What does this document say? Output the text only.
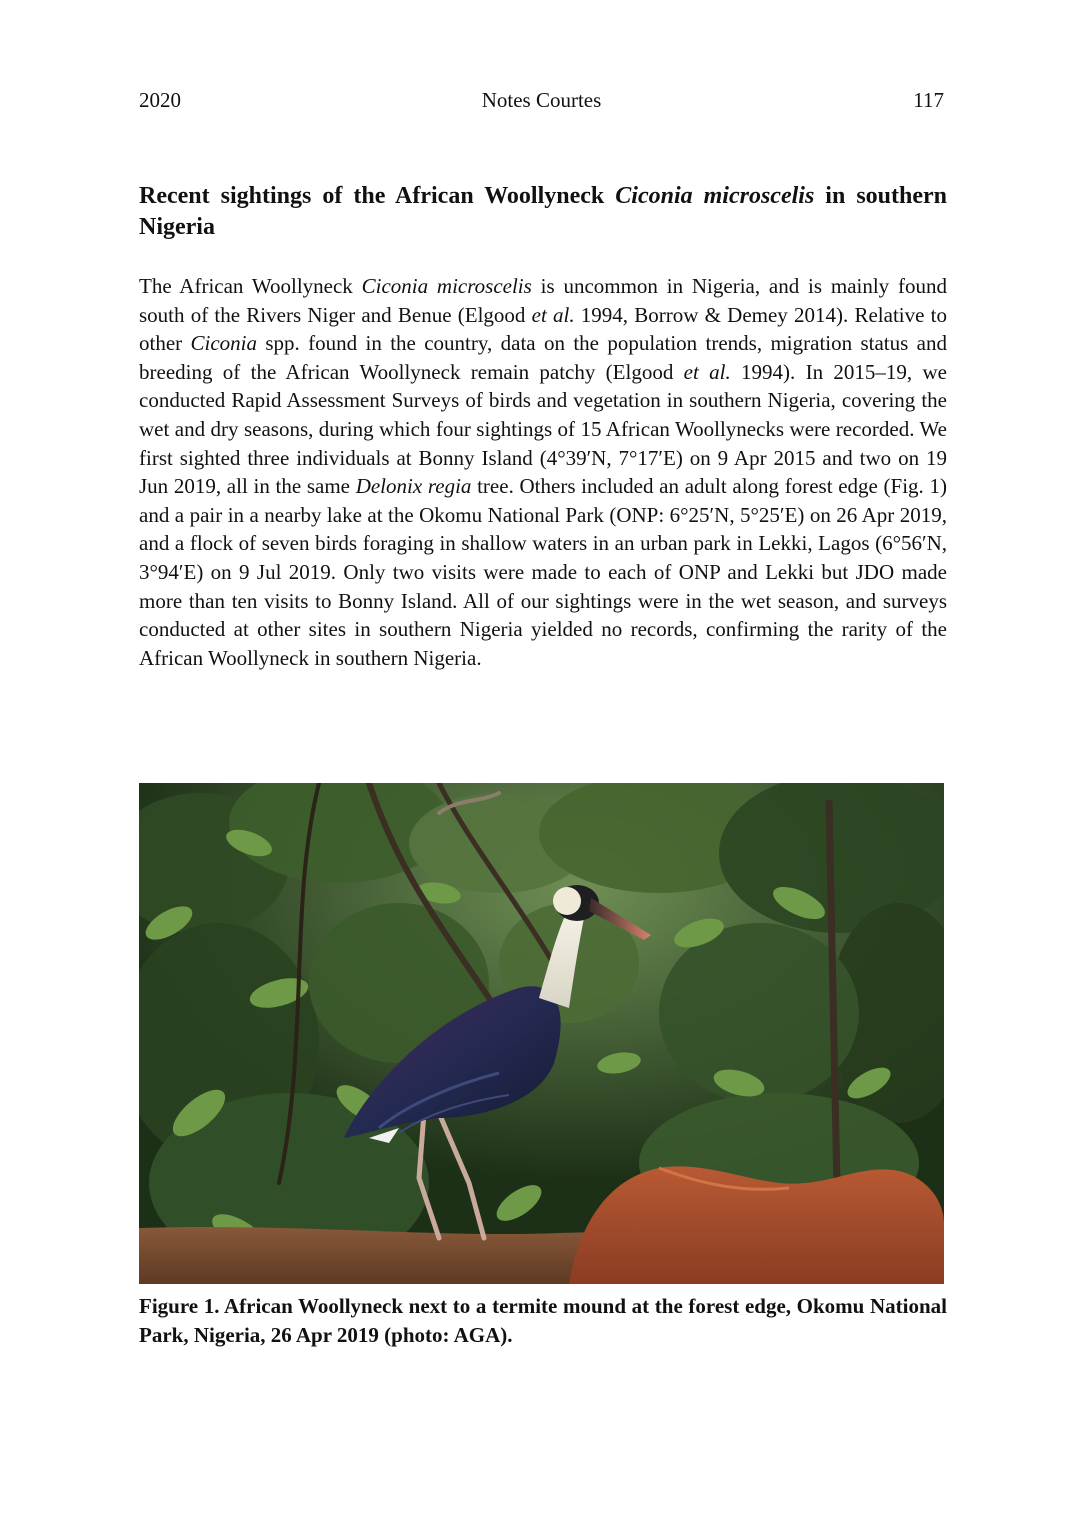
2020	Notes Courtes	117
Recent sightings of the African Woollyneck Ciconia microscelis in southern Nigeria

The African Woollyneck Ciconia microscelis is uncommon in Nigeria, and is mainly found south of the Rivers Niger and Benue (Elgood et al. 1994, Borrow & Demey 2014). Relative to other Ciconia spp. found in the country, data on the population trends, migration status and breeding of the African Woollyneck remain patchy (Elgood et al. 1994). In 2015–19, we conducted Rapid Assessment Surveys of birds and vegetation in southern Nigeria, covering the wet and dry seasons, during which four sightings of 15 African Woollynecks were recorded. We first sighted three individuals at Bonny Island (4°39′N, 7°17′E) on 9 Apr 2015 and two on 19 Jun 2019, all in the same Delonix regia tree. Others included an adult along forest edge (Fig. 1) and a pair in a nearby lake at the Okomu National Park (ONP: 6°25′N, 5°25′E) on 26 Apr 2019, and a flock of seven birds foraging in shallow waters in an urban park in Lekki, Lagos (6°56′N, 3°94′E) on 9 Jul 2019. Only two visits were made to each of ONP and Lekki but JDO made more than ten visits to Bonny Island. All of our sightings were in the wet season, and surveys conducted at other sites in southern Nigeria yielded no records, confirming the rarity of the African Woollyneck in southern Nigeria.

Figure 1. African Woollyneck next to a termite mound at the forest edge, Okomu National Park, Nigeria, 26 Apr 2019 (photo: AGA).
